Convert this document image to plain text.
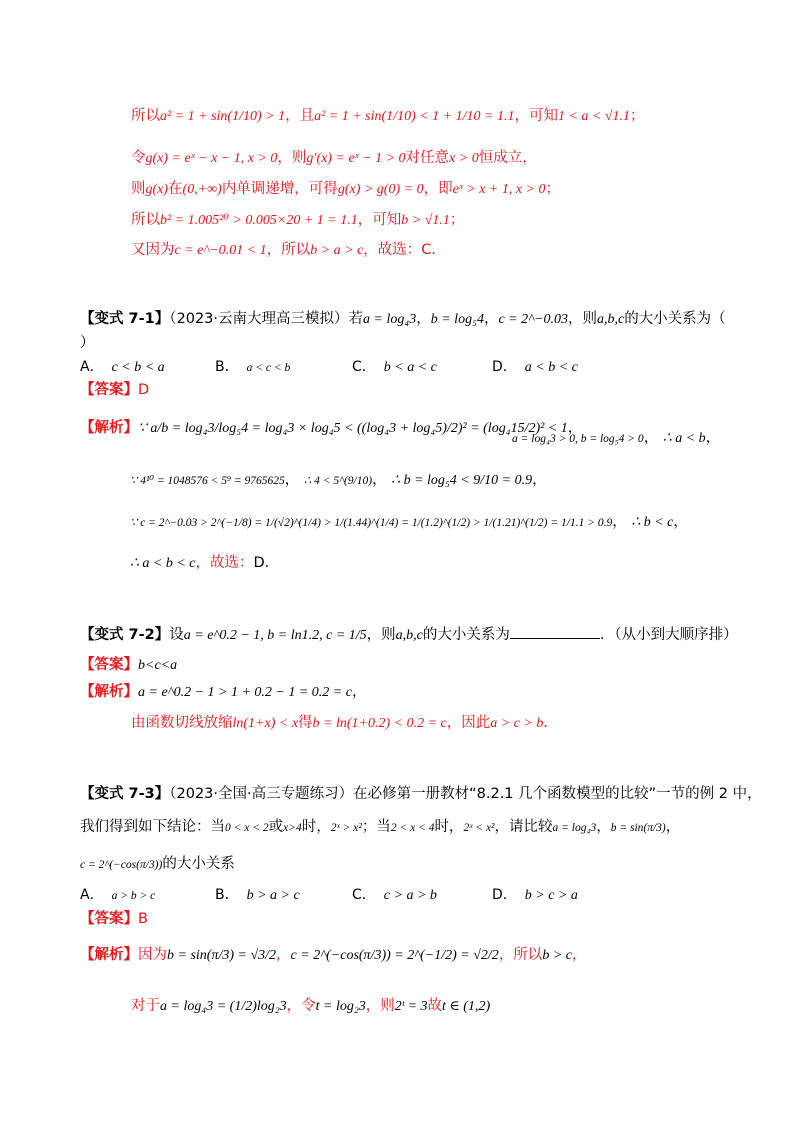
所以a² = 1 + sin(1/10) > 1，且a² = 1 + sin(1/10) < 1 + 1/10 = 1.1，可知1 < a < √1.1；
令g(x) = eˣ − x − 1, x > 0，则g′(x) = eˣ − 1 > 0对任意x > 0恒成立，
则g(x)在(0,+∞)内单调递增，可得g(x) > g(0) = 0，即eˣ > x + 1, x > 0；
所以b² = 1.005²⁰ > 0.005×20 + 1 = 1.1，可知b > √1.1；
又因为c = e^−0.01 < 1，所以b > a > c，故选：C．
【变式 7-1】（2023·云南大理高三模拟）若a = log₄3，b = log₅4，c = 2^−0.03，则a,b,c的大小关系为（
）
A． c < b < a	B． a < c < b	C． b < a < c	D． a < b < c
【答案】D
【解析】∵ a/b = log₄3/log₅4 = log₄3 × log₄5 < ((log₄3 + log₄5)/2)² = (log₄15/2)² < 1，
a = log₄3 > 0, b = log₅4 > 0， ∴ a < b，
∵ 4¹⁰ = 1048576 < 5⁹ = 9765625， ∴ 4 < 5^(9/10)， ∴ b = log₅4 < 9/10 = 0.9，
∵ c = 2^−0.03 > 2^(−1/8) = 1/(√2)^(1/4) > 1/(1.44)^(1/4) = 1/(1.2)^(1/2) > 1/(1.21)^(1/2) = 1/1.1 > 0.9， ∴ b < c，
∴ a < b < c，故选：D．
【变式 7-2】设a = e^0.2 − 1, b = ln1.2, c = 1/5，则a,b,c的大小关系为	．（从小到大顺序排）
【答案】b<c<a
【解析】a = e^0.2 − 1 > 1 + 0.2 − 1 = 0.2 = c，
由函数切线放缩ln(1+x) < x得b = ln(1+0.2) < 0.2 = c，因此a > c > b．
【变式 7-3】（2023·全国·高三专题练习）在必修第一册教材“8.2.1 几个函数模型的比较”一节的例 2 中，
我们得到如下结论：当0 < x < 2或x>4时，2ˣ > x²；当2 < x < 4时，2ˣ < x²，请比较a = log₄3，b = sin(π/3)，
c = 2^(−cos(π/3))的大小关系
A． a > b > c	B． b > a > c	C． c > a > b	D． b > c > a
【答案】B
【解析】因为b = sin(π/3) = √3/2，c = 2^(−cos(π/3)) = 2^(−1/2) = √2/2，所以b > c，
对于a = log₄3 = (1/2)log₂3，令t = log₂3，则2ᵗ = 3故t ∈ (1,2)
